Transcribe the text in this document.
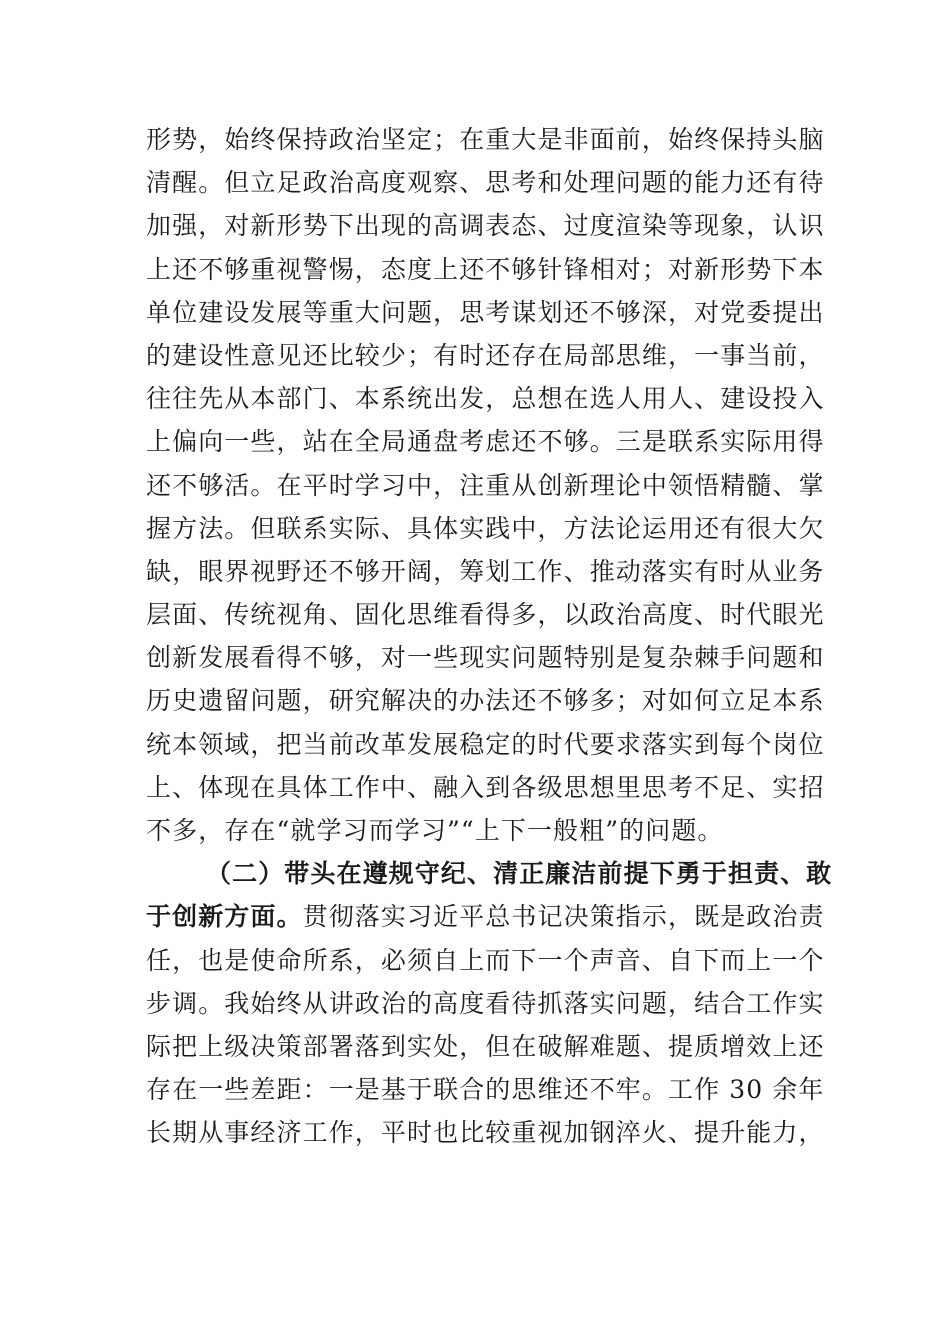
形势，始终保持政治坚定；在重大是非面前，始终保持头脑
清醒。但立足政治高度观察、思考和处理问题的能力还有待
加强，对新形势下出现的高调表态、过度渲染等现象，认识
上还不够重视警惕，态度上还不够针锋相对；对新形势下本
单位建设发展等重大问题，思考谋划还不够深，对党委提出
的建设性意见还比较少；有时还存在局部思维，一事当前，
往往先从本部门、本系统出发，总想在选人用人、建设投入
上偏向一些，站在全局通盘考虑还不够。三是联系实际用得
还不够活。在平时学习中，注重从创新理论中领悟精髓、掌
握方法。但联系实际、具体实践中，方法论运用还有很大欠
缺，眼界视野还不够开阔，筹划工作、推动落实有时从业务
层面、传统视角、固化思维看得多，以政治高度、时代眼光
创新发展看得不够，对一些现实问题特别是复杂棘手问题和
历史遗留问题，研究解决的办法还不够多；对如何立足本系
统本领域，把当前改革发展稳定的时代要求落实到每个岗位
上、体现在具体工作中、融入到各级思想里思考不足、实招
不多，存在“就学习而学习”“上下一般粗”的问题。
（二）带头在遵规守纪、清正廉洁前提下勇于担责、敢
于创新方面。贯彻落实习近平总书记决策指示，既是政治责
任，也是使命所系，必须自上而下一个声音、自下而上一个
步调。我始终从讲政治的高度看待抓落实问题，结合工作实
际把上级决策部署落到实处，但在破解难题、提质增效上还
存在一些差距：一是基于联合的思维还不牢。工作 30 余年
长期从事经济工作，平时也比较重视加钢淬火、提升能力，
